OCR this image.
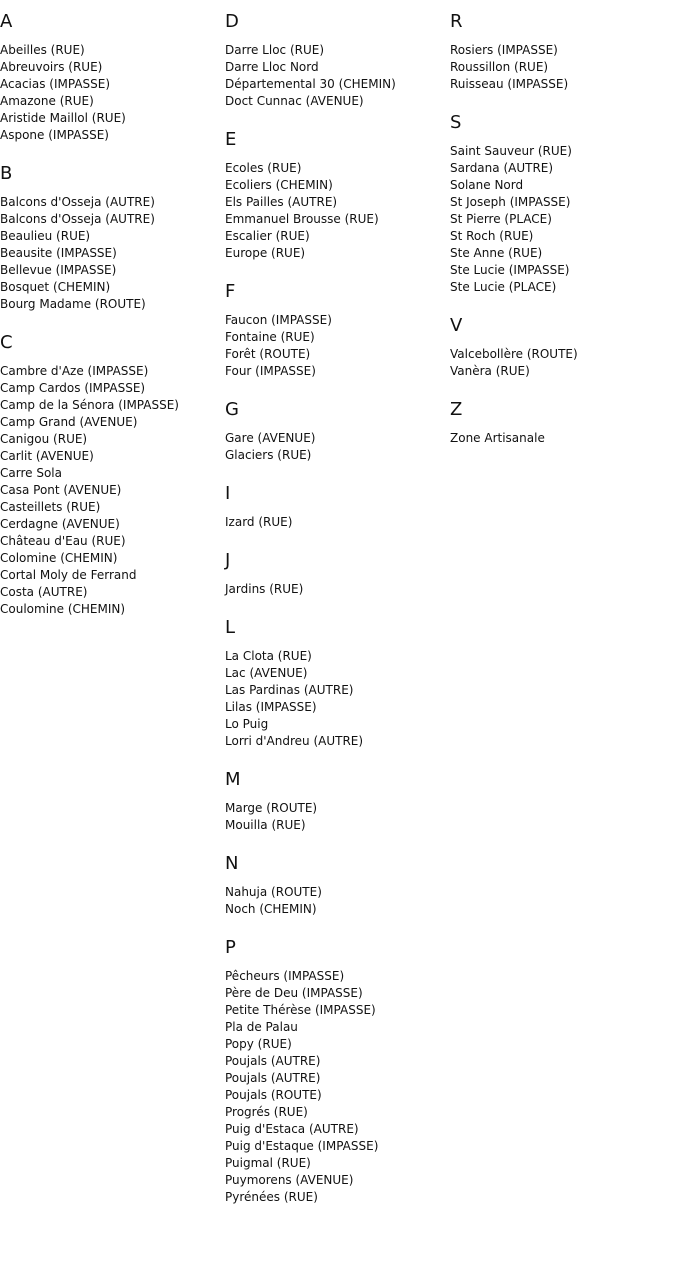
A
Abeilles (RUE)
Abreuvoirs (RUE)
Acacias (IMPASSE)
Amazone (RUE)
Aristide Maillol (RUE)
Aspone (IMPASSE)
B
Balcons d'Osseja (AUTRE)
Balcons d'Osseja (AUTRE)
Beaulieu (RUE)
Beausite (IMPASSE)
Bellevue (IMPASSE)
Bosquet (CHEMIN)
Bourg Madame (ROUTE)
C
Cambre d'Aze (IMPASSE)
Camp Cardos (IMPASSE)
Camp de la Sénora (IMPASSE)
Camp Grand (AVENUE)
Canigou (RUE)
Carlit (AVENUE)
Carre Sola
Casa Pont (AVENUE)
Casteillets (RUE)
Cerdagne (AVENUE)
Château d'Eau (RUE)
Colomine (CHEMIN)
Cortal Moly de Ferrand
Costa (AUTRE)
Coulomine (CHEMIN)
D
Darre Lloc (RUE)
Darre Lloc Nord
Départemental 30 (CHEMIN)
Doct Cunnac (AVENUE)
E
Ecoles (RUE)
Ecoliers (CHEMIN)
Els Pailles (AUTRE)
Emmanuel Brousse (RUE)
Escalier (RUE)
Europe (RUE)
F
Faucon (IMPASSE)
Fontaine (RUE)
Forêt (ROUTE)
Four (IMPASSE)
G
Gare (AVENUE)
Glaciers (RUE)
I
Izard (RUE)
J
Jardins (RUE)
L
La Clota (RUE)
Lac (AVENUE)
Las Pardinas (AUTRE)
Lilas (IMPASSE)
Lo Puig
Lorri d'Andreu (AUTRE)
M
Marge (ROUTE)
Mouilla (RUE)
N
Nahuja (ROUTE)
Noch (CHEMIN)
P
Pêcheurs (IMPASSE)
Père de Deu (IMPASSE)
Petite Thérèse (IMPASSE)
Pla de Palau
Popy (RUE)
Poujals (AUTRE)
Poujals (AUTRE)
Poujals (ROUTE)
Progrés (RUE)
Puig d'Estaca (AUTRE)
Puig d'Estaque (IMPASSE)
Puigmal (RUE)
Puymorens (AVENUE)
Pyrénées (RUE)
R
Rosiers (IMPASSE)
Roussillon (RUE)
Ruisseau (IMPASSE)
S
Saint Sauveur (RUE)
Sardana (AUTRE)
Solane Nord
St Joseph (IMPASSE)
St Pierre (PLACE)
St Roch (RUE)
Ste Anne (RUE)
Ste Lucie (IMPASSE)
Ste Lucie (PLACE)
V
Valcebollère (ROUTE)
Vanèra (RUE)
Z
Zone Artisanale
